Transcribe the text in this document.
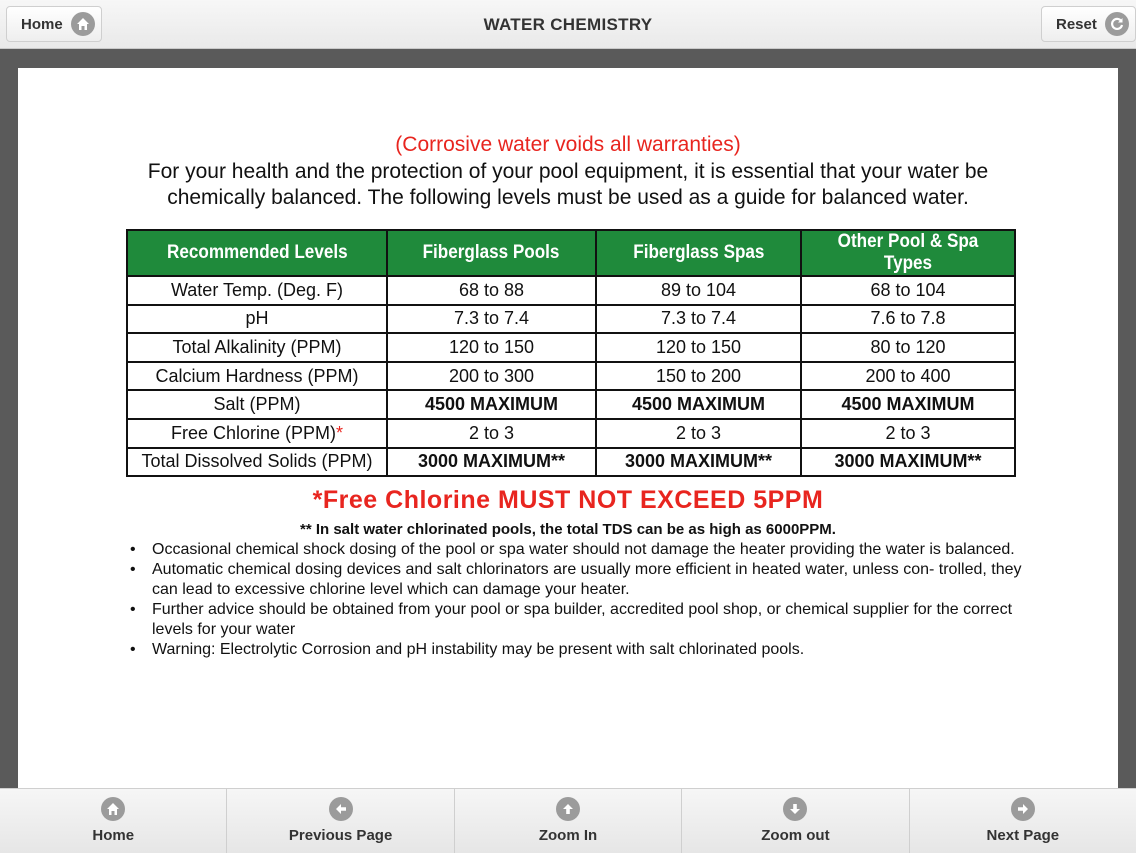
WATER CHEMISTRY
Home	Reset
(Corrosive water voids all warranties)
For your health and the protection of your pool equipment, it is essential that your water be chemically balanced. The following levels must be used as a guide for balanced water.
Recommended Levels	Fiberglass Pools	Fiberglass Spas	Other Pool & Spa Types
Water Temp. (Deg. F)	68 to 88	89 to 104	68 to 104
pH	7.3 to 7.4	7.3 to 7.4	7.6 to 7.8
Total Alkalinity (PPM)	120 to 150	120 to 150	80 to 120
Calcium Hardness (PPM)	200 to 300	150 to 200	200 to 400
Salt (PPM)	4500 MAXIMUM	4500 MAXIMUM	4500 MAXIMUM
Free Chlorine (PPM)*	2 to 3	2 to 3	2 to 3
Total Dissolved Solids (PPM)	3000 MAXIMUM**	3000 MAXIMUM**	3000 MAXIMUM**
*Free Chlorine MUST NOT EXCEED 5PPM
** In salt water chlorinated pools, the total TDS can be as high as 6000PPM.
• Occasional chemical shock dosing of the pool or spa water should not damage the heater providing the water is balanced.
• Automatic chemical dosing devices and salt chlorinators are usually more efficient in heated water, unless con- trolled, they can lead to excessive chlorine level which can damage your heater.
• Further advice should be obtained from your pool or spa builder, accredited pool shop, or chemical supplier for the correct levels for your water
• Warning: Electrolytic Corrosion and pH instability may be present with salt chlorinated pools.
Home	Previous Page	Zoom In	Zoom out	Next Page
